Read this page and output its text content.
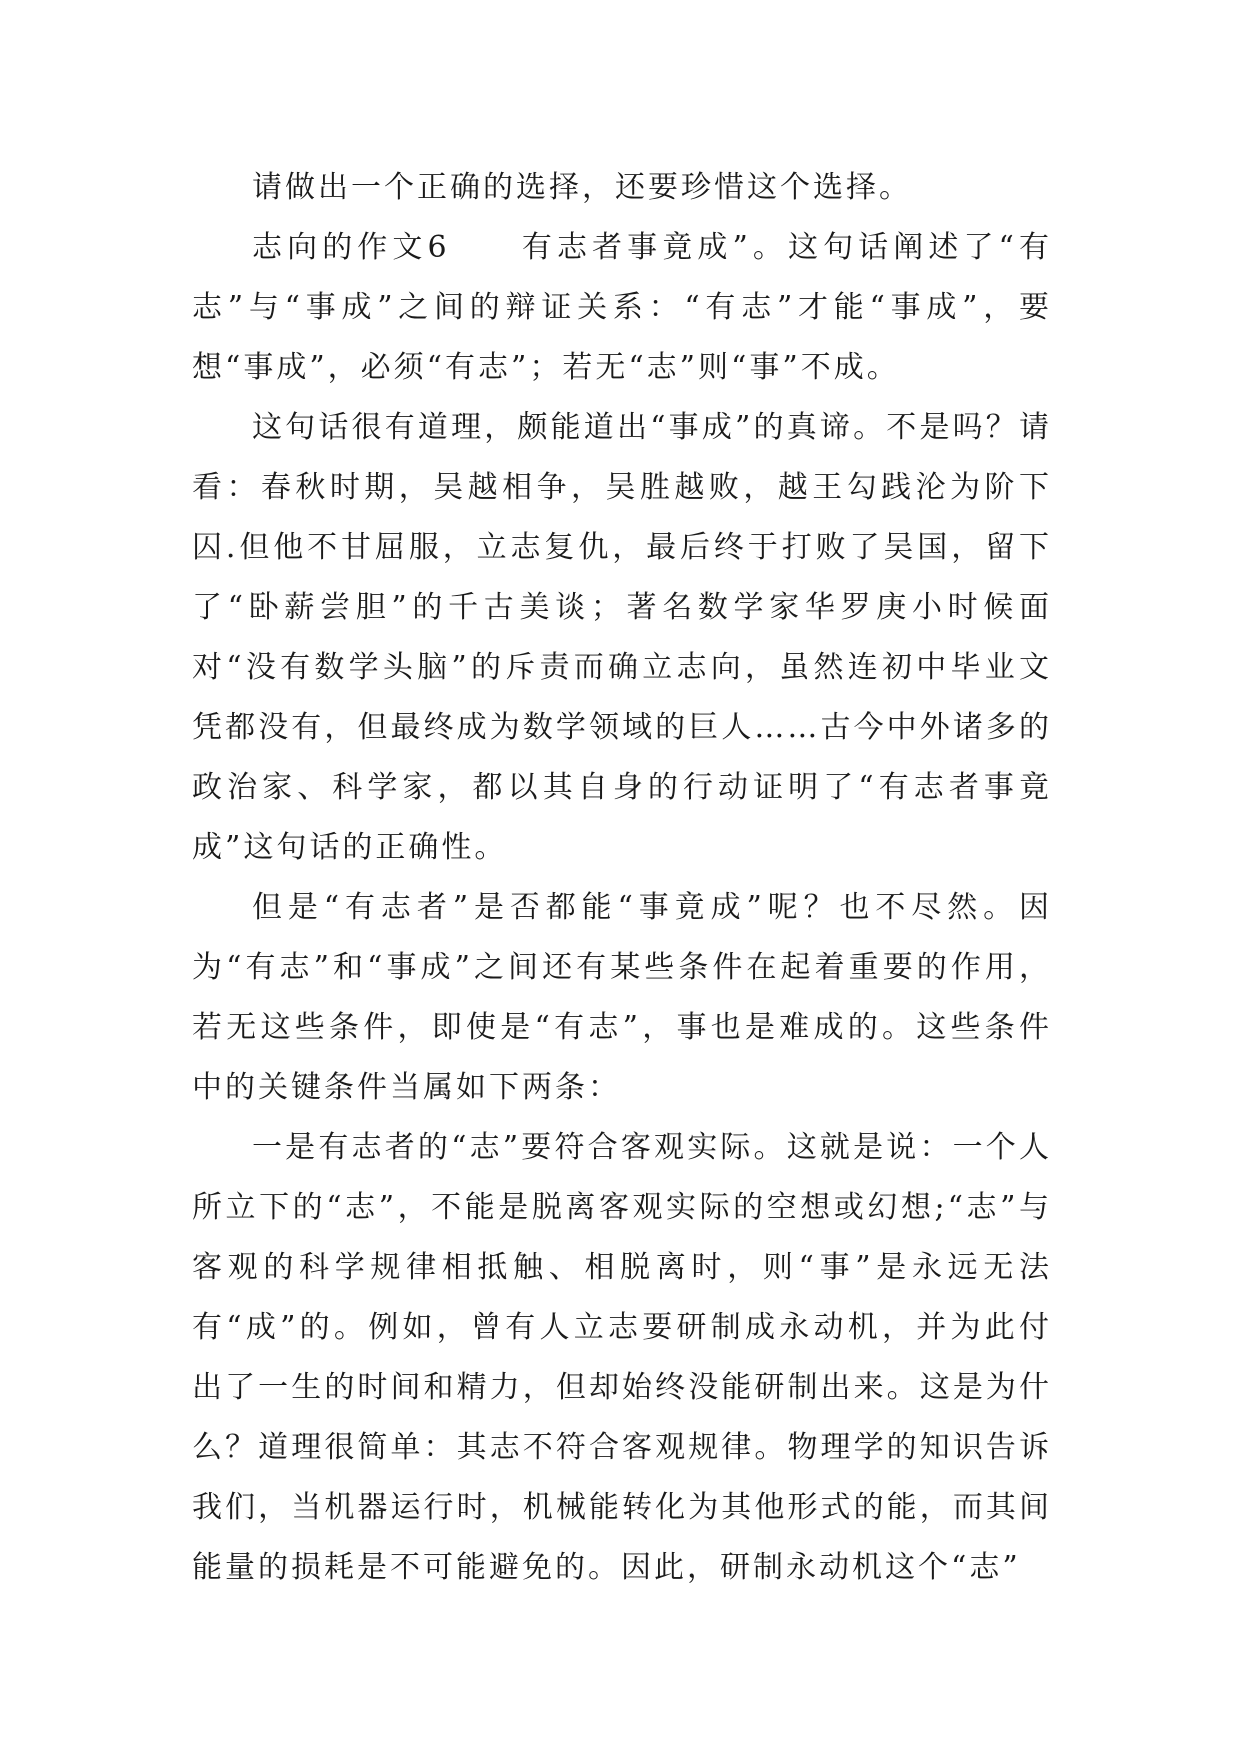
请做出一个正确的选择，还要珍惜这个选择。

志向的作文6　　有志者事竟成”。这句话阐述了“有志”与“事成”之间的辩证关系：“有志”才能“事成”，要想“事成”，必须“有志”；若无“志”则“事”不成。

这句话很有道理，颇能道出“事成”的真谛。不是吗？请看：春秋时期，吴越相争，吴胜越败，越王勾践沦为阶下囚.但他不甘屈服，立志复仇，最后终于打败了吴国，留下了“卧薪尝胆”的千古美谈；著名数学家华罗庚小时候面对“没有数学头脑”的斥责而确立志向，虽然连初中毕业文凭都没有，但最终成为数学领域的巨人……古今中外诸多的政治家、科学家，都以其自身的行动证明了“有志者事竟成”这句话的正确性。

但是“有志者”是否都能“事竟成”呢？也不尽然。因为“有志”和“事成”之间还有某些条件在起着重要的作用，若无这些条件，即使是“有志”，事也是难成的。这些条件中的关键条件当属如下两条：

一是有志者的“志”要符合客观实际。这就是说：一个人所立下的“志”，不能是脱离客观实际的空想或幻想;“志”与客观的科学规律相抵触、相脱离时，则“事”是永远无法有“成”的。例如，曾有人立志要研制成永动机，并为此付出了一生的时间和精力，但却始终没能研制出来。这是为什么？道理很简单：其志不符合客观规律。物理学的知识告诉我们，当机器运行时，机械能转化为其他形式的能，而其间能量的损耗是不可能避免的。因此，研制永动机这个“志”
